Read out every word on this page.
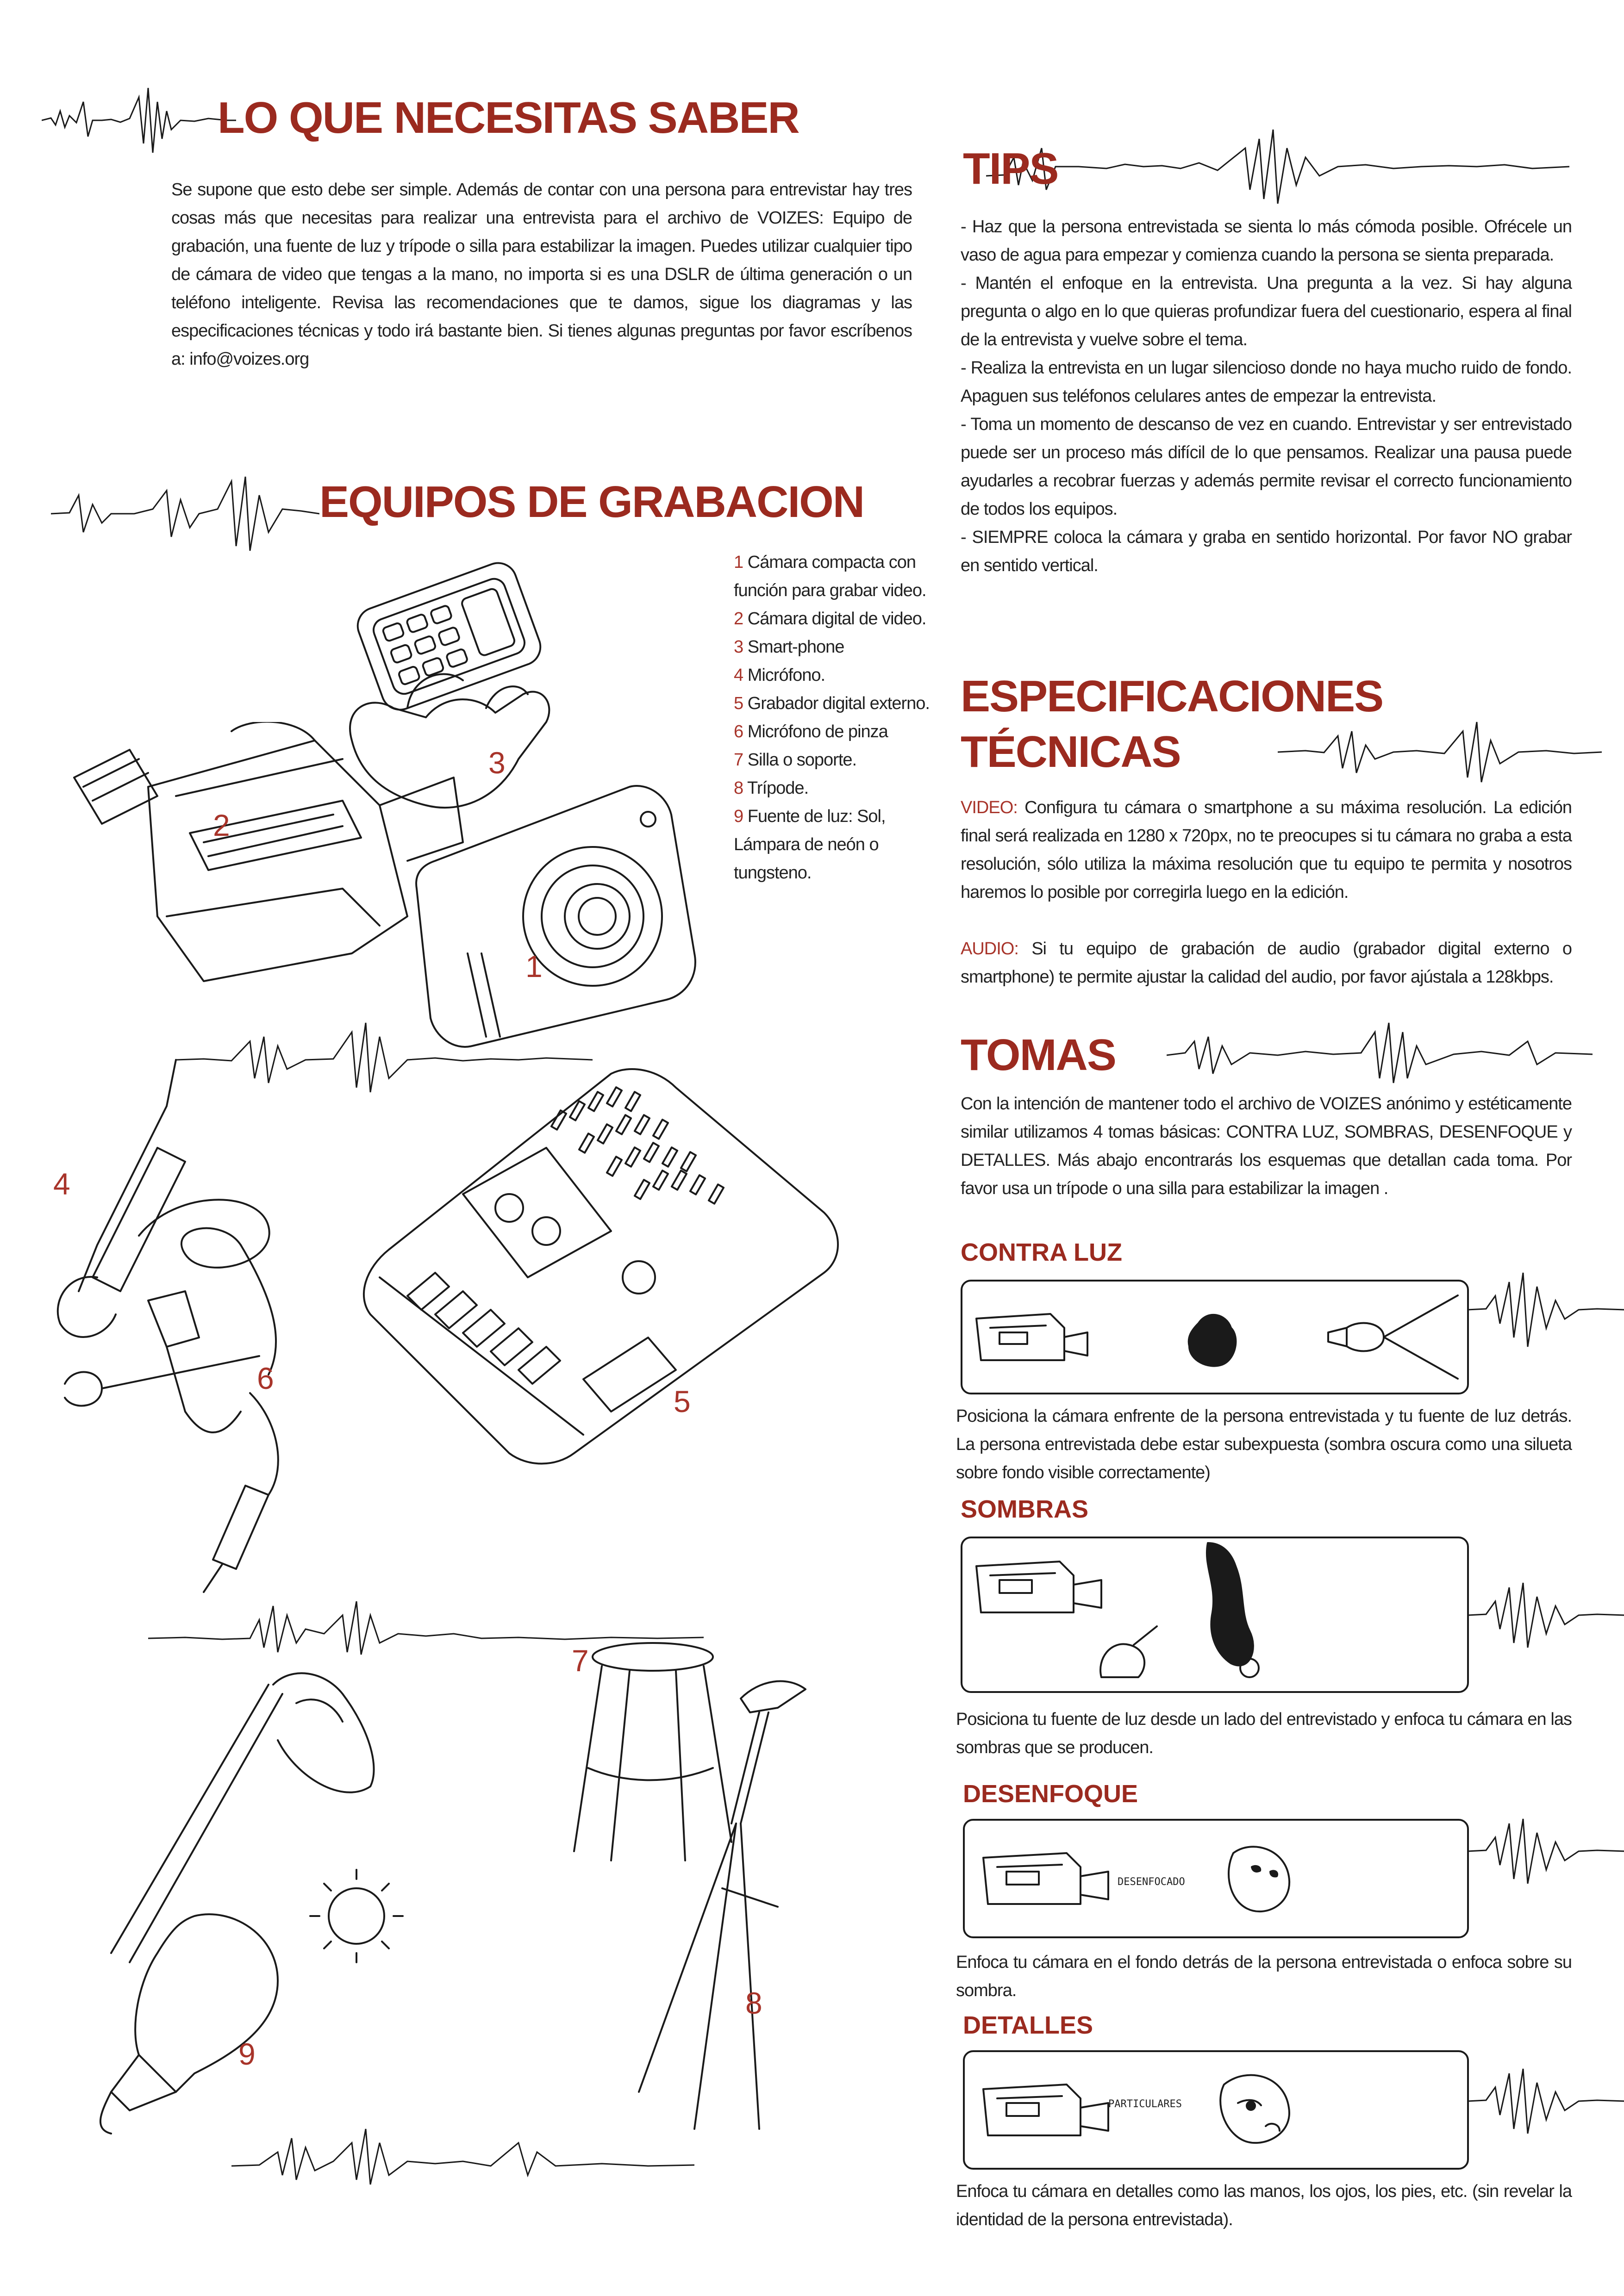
LO QUE NECESITAS SABER

Se supone que esto debe ser simple. Además de contar con una persona para entrevistar hay tres cosas más que necesitas para realizar una entrevista para el archivo de VOIZES: Equipo de grabación, una fuente de luz y trípode o silla para estabilizar la imagen. Puedes utilizar cualquier tipo de cámara de video que tengas a la mano, no importa si es una DSLR de última generación o un teléfono inteligente. Revisa las recomendaciones que te damos, sigue los diagramas y las especificaciones técnicas y todo irá bastante bien. Si tienes algunas preguntas por favor escríbenos a: info@voizes.org

EQUIPOS DE GRABACION
1 Cámara compacta con función para grabar video.
2 Cámara digital de video.
3 Smart-phone
4 Micrófono.
5 Grabador digital externo.
6 Micrófono de pinza
7 Silla o soporte.
8 Trípode.
9 Fuente de luz: Sol, Lámpara de neón o tungsteno.
1
2
3
4
5
6
7
8
9
TIPS

- Haz que la persona entrevistada se sienta lo más cómoda posible. Ofrécele un vaso de agua para empezar y comienza cuando la persona se sienta preparada.

- Mantén el enfoque en la entrevista. Una pregunta a la vez. Si hay alguna pregunta o algo en lo que quieras profundizar fuera del cuestionario, espera al final de la entrevista y vuelve sobre el tema.

- Realiza la entrevista en un lugar silencioso donde no haya mucho ruido de fondo. Apaguen sus teléfonos celulares antes de empezar la entrevista.

- Toma un momento de descanso de vez en cuando. Entrevistar y ser entrevistado puede ser un proceso más difícil de lo que pensamos. Realizar una pausa puede ayudarles a recobrar fuerzas y además permite revisar el correcto funcionamiento de todos los equipos.

- SIEMPRE coloca la cámara y graba en sentido horizontal. Por favor NO grabar en sentido vertical.

ESPECIFICACIONES
TÉCNICAS

VIDEO: Configura tu cámara o smartphone a su máxima resolución. La edición final será realizada en 1280 x 720px, no te preocupes si tu cámara no graba a esta resolución, sólo utiliza la máxima resolución que tu equipo te permita y nosotros haremos lo posible por corregirla luego en la edición.

AUDIO: Si tu equipo de grabación de audio (grabador digital externo o smartphone) te permite ajustar la calidad del audio, por favor ajústala a 128kbps.

TOMAS

Con la intención de mantener todo el archivo de VOIZES anónimo y estéticamente similar utilizamos 4 tomas básicas: CONTRA LUZ, SOMBRAS, DESENFOQUE y DETALLES. Más abajo encontrarás los esquemas que detallan cada toma. Por favor usa un trípode o una silla para estabilizar la imagen .

CONTRA LUZ

Posiciona la cámara enfrente de la persona entrevistada y tu fuente de luz detrás. La persona entrevistada debe estar subexpuesta (sombra oscura como una silueta sobre fondo visible correctamente)

SOMBRAS

Posiciona tu fuente de luz desde un lado del entrevistado y enfoca tu cámara en las sombras que se producen.

DESENFOQUE
DESENFOCADO

Enfoca tu cámara en el fondo detrás de la persona entrevistada o enfoca sobre su sombra.

DETALLES
PARTICULARES

Enfoca tu cámara en detalles como las manos, los ojos, los pies, etc. (sin revelar la identidad de la persona entrevistada).
